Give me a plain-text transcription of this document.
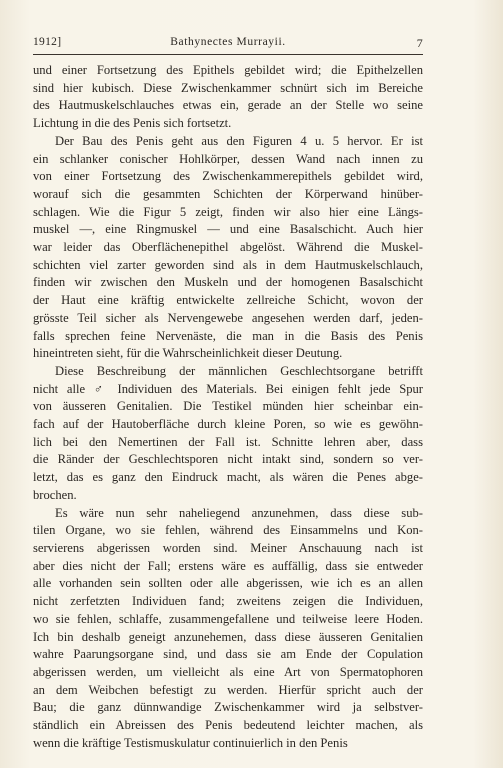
1912]	Bathynectes Murrayii.	7

und einer Fortsetzung des Epithels gebildet wird; die Epithelzellen
sind hier kubisch. Diese Zwischenkammer schnürt sich im Bereiche
des Hautmuskelschlauches etwas ein, gerade an der Stelle wo seine
Lichtung in die des Penis sich fortsetzt.

Der Bau des Penis geht aus den Figuren 4 u. 5 hervor. Er ist
ein schlanker conischer Hohlkörper, dessen Wand nach innen zu
von einer Fortsetzung des Zwischenkammerepithels gebildet wird,
worauf sich die gesammten Schichten der Körperwand hinüber-
schlagen. Wie die Figur 5 zeigt, finden wir also hier eine Längs-
muskel —, eine Ringmuskel — und eine Basalschicht. Auch hier
war leider das Oberflächenepithel abgelöst. Während die Muskel-
schichten viel zarter geworden sind als in dem Hautmuskelschlauch,
finden wir zwischen den Muskeln und der homogenen Basalschicht
der Haut eine kräftig entwickelte zellreiche Schicht, wovon der
grösste Teil sicher als Nervengewebe angesehen werden darf, jeden-
falls sprechen feine Nervenäste, die man in die Basis des Penis
hineintreten sieht, für die Wahrscheinlichkeit dieser Deutung.

Diese Beschreibung der männlichen Geschlechtsorgane betrifft
nicht alle ♂ Individuen des Materials. Bei einigen fehlt jede Spur
von äusseren Genitalien. Die Testikel münden hier scheinbar ein-
fach auf der Hautoberfläche durch kleine Poren, so wie es gewöhn-
lich bei den Nemertinen der Fall ist. Schnitte lehren aber, dass
die Ränder der Geschlechtsporen nicht intakt sind, sondern so ver-
letzt, das es ganz den Eindruck macht, als wären die Penes abge-
brochen.

Es wäre nun sehr naheliegend anzunehmen, dass diese sub-
tilen Organe, wo sie fehlen, während des Einsammelns und Kon-
servierens abgerissen worden sind. Meiner Anschauung nach ist
aber dies nicht der Fall; erstens wäre es auffällig, dass sie entweder
alle vorhanden sein sollten oder alle abgerissen, wie ich es an allen
nicht zerfetzten Individuen fand; zweitens zeigen die Individuen,
wo sie fehlen, schlaffe, zusammengefallene und teilweise leere Hoden.
Ich bin deshalb geneigt anzunehemen, dass diese äusseren Genitalien
wahre Paarungsorgane sind, und dass sie am Ende der Copulation
abgerissen werden, um vielleicht als eine Art von Spermatophoren
an dem Weibchen befestigt zu werden. Hierfür spricht auch der
Bau; die ganz dünnwandige Zwischenkammer wird ja selbstver-
ständlich ein Abreissen des Penis bedeutend leichter machen, als
wenn die kräftige Testismuskulatur continuierlich in den Penis
